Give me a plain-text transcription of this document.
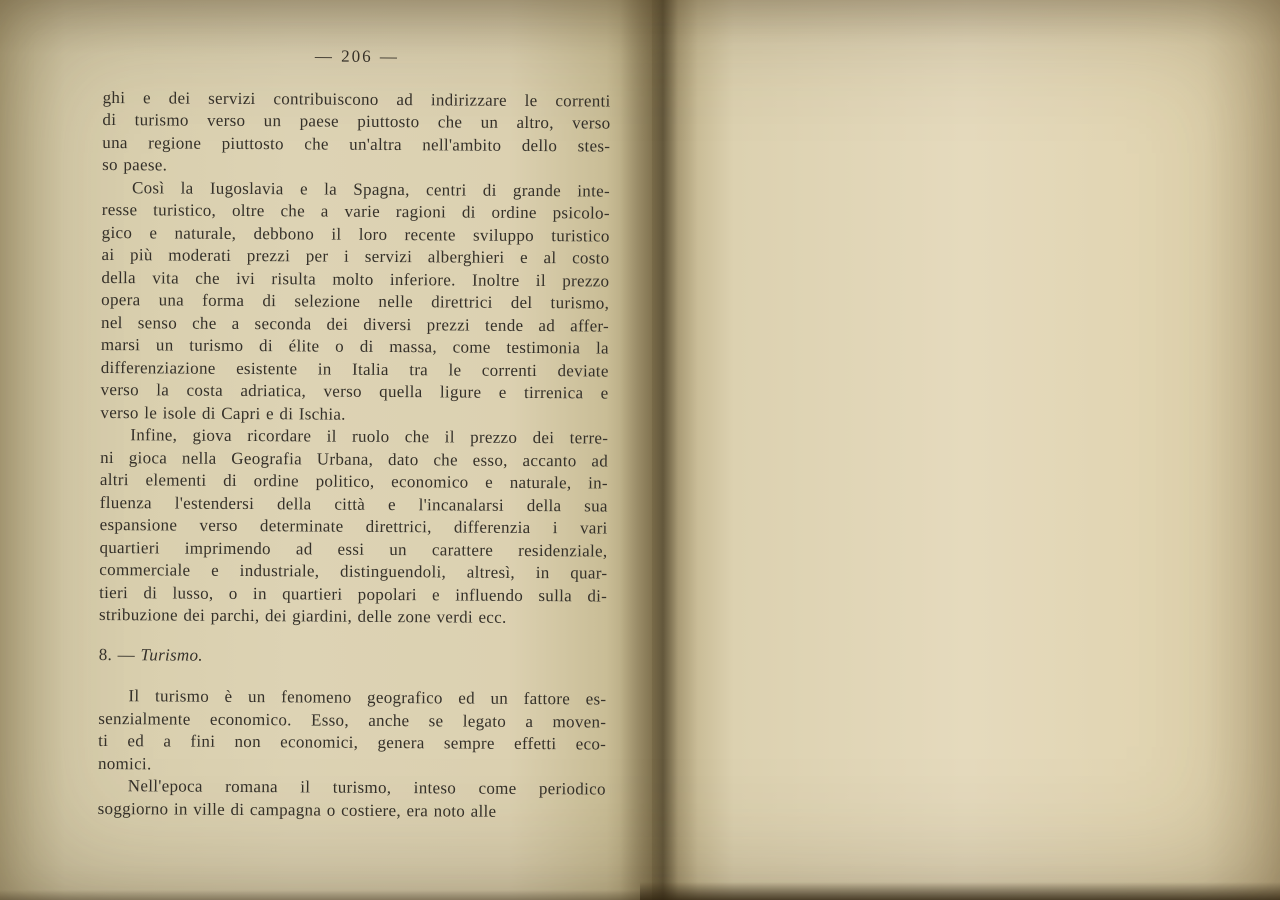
— 206 —
ghi e dei servizi contribuiscono ad indirizzare le correnti
di turismo verso un paese piuttosto che un altro, verso
una regione piuttosto che un'altra nell'ambito dello stes-
so paese.
Così la Iugoslavia e la Spagna, centri di grande inte-
resse turistico, oltre che a varie ragioni di ordine psicolo-
gico e naturale, debbono il loro recente sviluppo turistico
ai più moderati prezzi per i servizi alberghieri e al costo
della vita che ivi risulta molto inferiore. Inoltre il prezzo
opera una forma di selezione nelle direttrici del turismo,
nel senso che a seconda dei diversi prezzi tende ad affer-
marsi un turismo di élite o di massa, come testimonia la
differenziazione esistente in Italia tra le correnti deviate
verso la costa adriatica, verso quella ligure e tirrenica e
verso le isole di Capri e di Ischia.
Infine, giova ricordare il ruolo che il prezzo dei terre-
ni gioca nella Geografia Urbana, dato che esso, accanto ad
altri elementi di ordine politico, economico e naturale, in-
fluenza l'estendersi della città e l'incanalarsi della sua
espansione verso determinate direttrici, differenzia i vari
quartieri imprimendo ad essi un carattere residenziale,
commerciale e industriale, distinguendoli, altresì, in quar-
tieri di lusso, o in quartieri popolari e influendo sulla di-
stribuzione dei parchi, dei giardini, delle zone verdi ecc.
8. — Turismo.
Il turismo è un fenomeno geografico ed un fattore es-
senzialmente economico. Esso, anche se legato a moven-
ti ed a fini non economici, genera sempre effetti eco-
nomici.
Nell'epoca romana il turismo, inteso come periodico
soggiorno in ville di campagna o costiere, era noto alle
